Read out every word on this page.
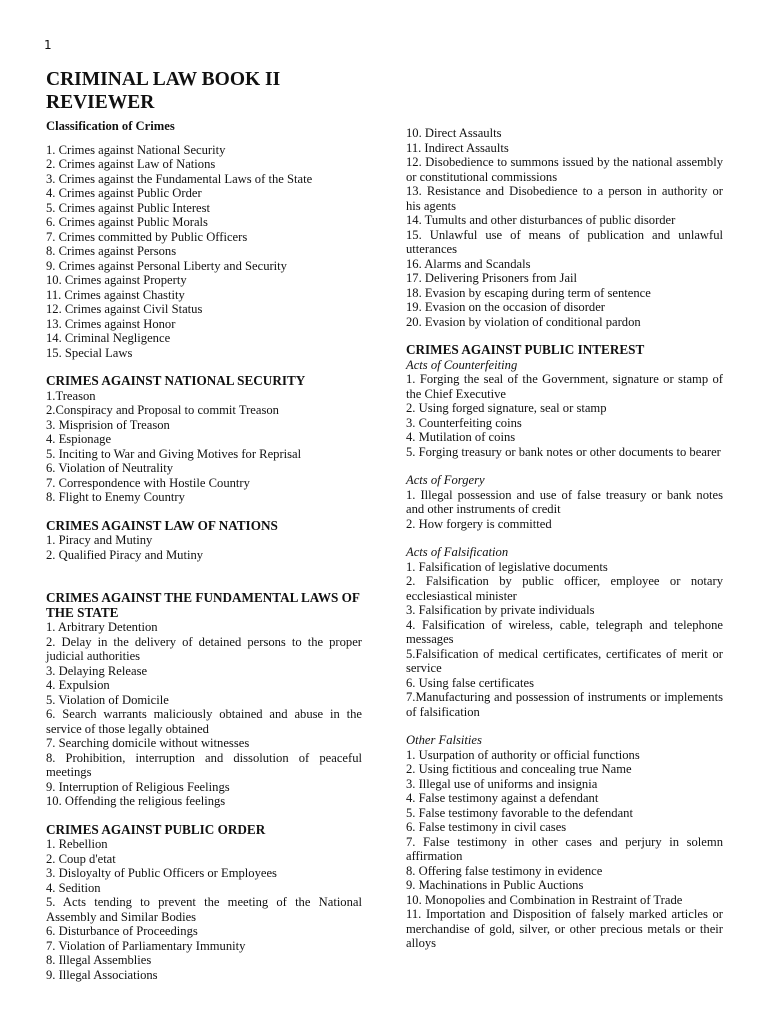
1
CRIMINAL LAW BOOK II REVIEWER

Classification of Crimes

1. Crimes against National Security

2. Crimes against Law of Nations

3. Crimes against the Fundamental Laws of the State

4. Crimes against Public Order

5. Crimes against Public Interest

6. Crimes against Public Morals

7. Crimes committed by Public Officers

8. Crimes against Persons

9. Crimes against Personal Liberty and Security

10. Crimes against Property

11. Crimes against Chastity

12. Crimes against Civil Status

13. Crimes against Honor

14. Criminal Negligence

15. Special Laws

CRIMES AGAINST NATIONAL SECURITY

1.Treason

2.Conspiracy and Proposal to commit Treason

3. Misprision of Treason

4. Espionage

5. Inciting to War and Giving Motives for Reprisal

6. Violation of Neutrality

7. Correspondence with Hostile Country

8. Flight to Enemy Country

CRIMES AGAINST LAW OF NATIONS

1. Piracy and Mutiny

2. Qualified Piracy and Mutiny

CRIMES AGAINST THE FUNDAMENTAL LAWS OF THE STATE

1. Arbitrary Detention

2. Delay in the delivery of detained persons to the proper judicial authorities

3. Delaying Release

4. Expulsion

5. Violation of Domicile

6. Search warrants maliciously obtained and abuse in the service of those legally obtained

7. Searching domicile without witnesses

8. Prohibition, interruption and dissolution of peaceful meetings

9. Interruption of Religious Feelings

10. Offending the religious feelings

CRIMES AGAINST PUBLIC ORDER

1. Rebellion

2. Coup d'etat

3. Disloyalty of Public Officers or Employees

4. Sedition

5. Acts tending to prevent the meeting of the National Assembly and Similar Bodies

6. Disturbance of Proceedings

7. Violation of Parliamentary Immunity

8. Illegal Assemblies

9. Illegal Associations

10. Direct Assaults

11. Indirect Assaults

12. Disobedience to summons issued by the national assembly or constitutional commissions

13. Resistance and Disobedience to a person in authority or his agents

14. Tumults and other disturbances of public disorder

15. Unlawful use of means of publication and unlawful utterances

16. Alarms and Scandals

17. Delivering Prisoners from Jail

18. Evasion by escaping during term of sentence

19. Evasion on the occasion of disorder

20. Evasion by violation of conditional pardon

CRIMES AGAINST PUBLIC INTEREST
Acts of Counterfeiting

1. Forging the seal of the Government, signature or stamp of the Chief Executive

2. Using forged signature, seal or stamp

3. Counterfeiting coins

4. Mutilation of coins

5. Forging treasury or bank notes or other documents to bearer

Acts of Forgery

1. Illegal possession and use of false treasury or bank notes and other instruments of credit

2. How forgery is committed

Acts of Falsification

1. Falsification of legislative documents

2. Falsification by public officer, employee or notary ecclesiastical minister

3. Falsification by private individuals

4. Falsification of wireless, cable, telegraph and telephone messages

5.Falsification of medical certificates, certificates of merit or service

6. Using false certificates

7.Manufacturing and possession of instruments or implements of falsification

Other Falsities

1. Usurpation of authority or official functions

2. Using fictitious and concealing true Name

3. Illegal use of uniforms and insignia

4. False testimony against a defendant

5. False testimony favorable to the defendant

6. False testimony in civil cases

7. False testimony in other cases and perjury in solemn affirmation

8. Offering false testimony in evidence

9. Machinations in Public Auctions

10. Monopolies and Combination in Restraint of Trade

11. Importation and Disposition of falsely marked articles or merchandise of gold, silver, or other precious metals or their alloys
